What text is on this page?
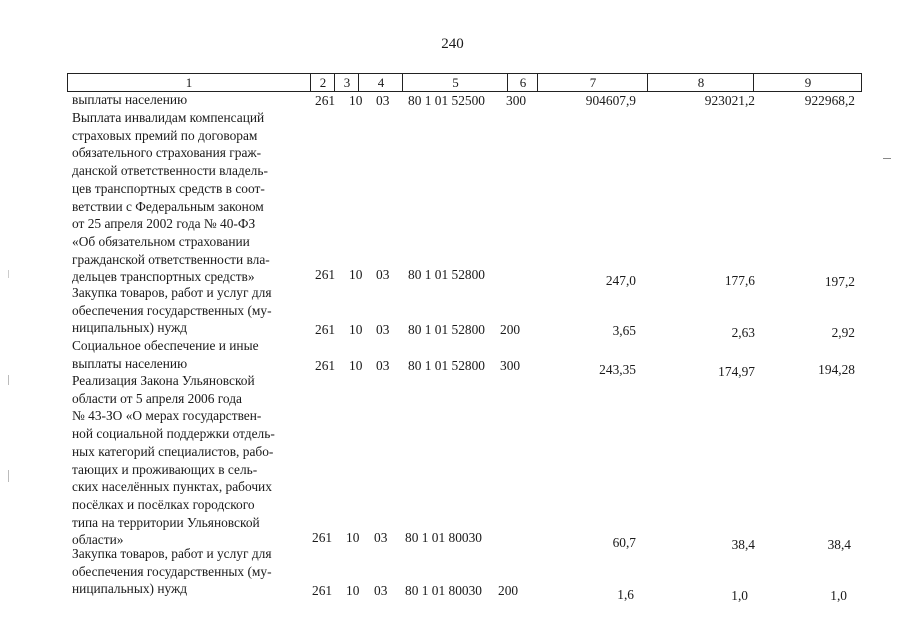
240
1	2	3	4	5	6	7	8	9
выплаты населению	261 10 03 80 1 01 52500 300	904607,9	923021,2	922968,2
Выплата инвалидам компенсаций
страховых премий по договорам
обязательного страхования граж-
данской ответственности владель-
цев транспортных средств в соот-
ветствии с Федеральным законом
от 25 апреля 2002 года № 40-ФЗ
«Об обязательном страховании
гражданской ответственности вла-
дельцев транспортных средств»	261 10 03 80 1 01 52800	247,0	177,6	197,2
Закупка товаров, работ и услуг для
обеспечения государственных (му-
ниципальных) нужд	261 10 03 80 1 01 52800 200	3,65	2,63	2,92
Социальное обеспечение и иные
выплаты населению	261 10 03 80 1 01 52800 300	243,35	174,97	194,28
Реализация Закона Ульяновской
области от 5 апреля 2006 года
№ 43-ЗО «О мерах государствен-
ной социальной поддержки отдель-
ных категорий специалистов, рабо-
тающих и проживающих в сель-
ских населённых пунктах, рабочих
посёлках и посёлках городского
типа на территории Ульяновской
области»	261 10 03 80 1 01 80030	60,7	38,4	38,4
Закупка товаров, работ и услуг для
обеспечения государственных (му-
ниципальных) нужд	261 10 03 80 1 01 80030 200	1,6	1,0	1,0
